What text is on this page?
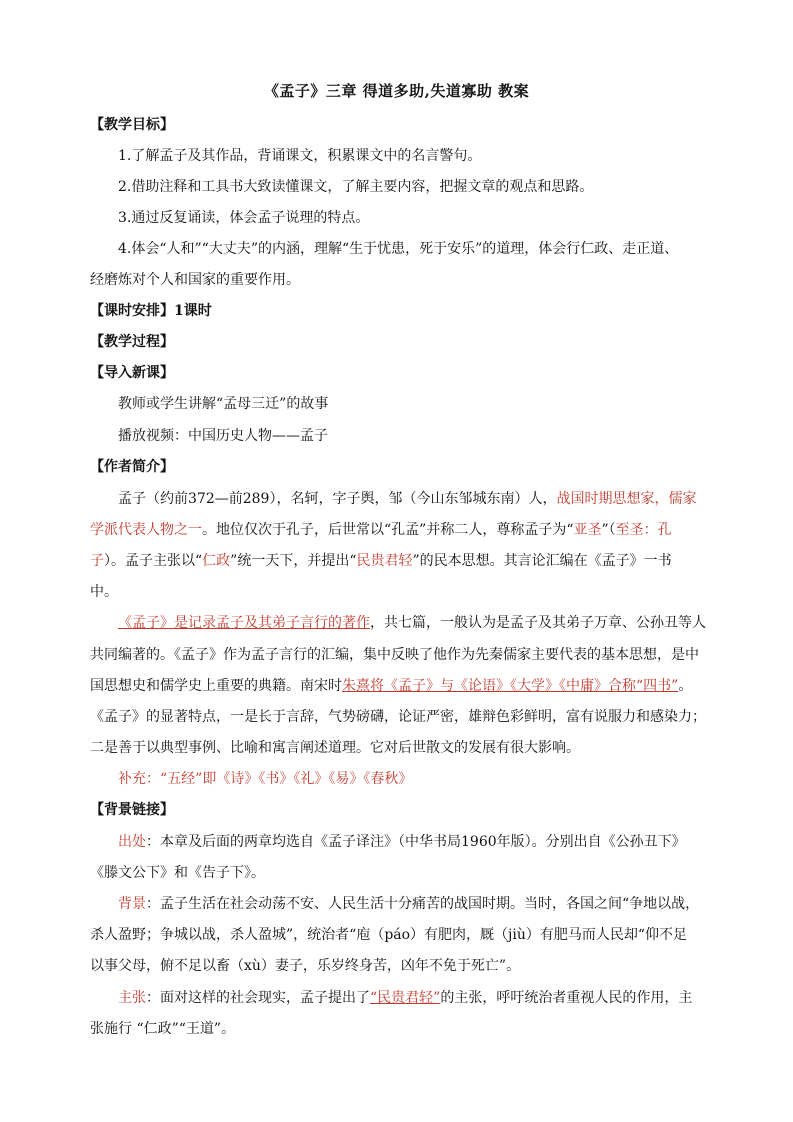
《孟子》三章 得道多助,失道寡助 教案
【教学目标】
1.了解孟子及其作品，背诵课文，积累课文中的名言警句。
2.借助注释和工具书大致读懂课文，了解主要内容，把握文章的观点和思路。
3.通过反复诵读，体会孟子说理的特点。
4.体会“人和”“大丈夫”的内涵，理解“生于忧患，死于安乐”的道理，体会行仁政、走正道、
经磨炼对个人和国家的重要作用。
【课时安排】1课时
【教学过程】
【导入新课】
教师或学生讲解“孟母三迁”的故事
播放视频：中国历史人物——孟子
【作者简介】
孟子（约前372—前289），名轲，字子舆，邹（今山东邹城东南）人，战国时期思想家，儒家
学派代表人物之一。地位仅次于孔子，后世常以“孔孟”并称二人，尊称孟子为“亚圣”（至圣：孔
子）。孟子主张以“仁政”统一天下，并提出“民贵君轻”的民本思想。其言论汇编在《孟子》一书
中。
《孟子》是记录孟子及其弟子言行的著作，共七篇，一般认为是孟子及其弟子万章、公孙丑等人
共同编著的。《孟子》作为孟子言行的汇编，集中反映了他作为先秦儒家主要代表的基本思想，是中
国思想史和儒学史上重要的典籍。南宋时朱熹将《孟子》与《论语》《大学》《中庸》合称“四书”。
《孟子》的显著特点，一是长于言辞，气势磅礴，论证严密，雄辩色彩鲜明，富有说服力和感染力；
二是善于以典型事例、比喻和寓言阐述道理。它对后世散文的发展有很大影响。
补充：“五经”即《诗》《书》《礼》《易》《春秋》
【背景链接】
出处：本章及后面的两章均选自《孟子译注》（中华书局1960年版）。分别出自《公孙丑下》
《滕文公下》和《告子下》。
背景：孟子生活在社会动荡不安、人民生活十分痛苦的战国时期。当时，各国之间“争地以战，
杀人盈野；争城以战，杀人盈城”，统治者“庖（páo）有肥肉，厩（jiù）有肥马而人民却“仰不足
以事父母，俯不足以畜（xù）妻子，乐岁终身苦，凶年不免于死亡”。
主张：面对这样的社会现实，孟子提出了“民贵君轻”的主张，呼吁统治者重视人民的作用，主
张施行 “仁政”“王道”。
